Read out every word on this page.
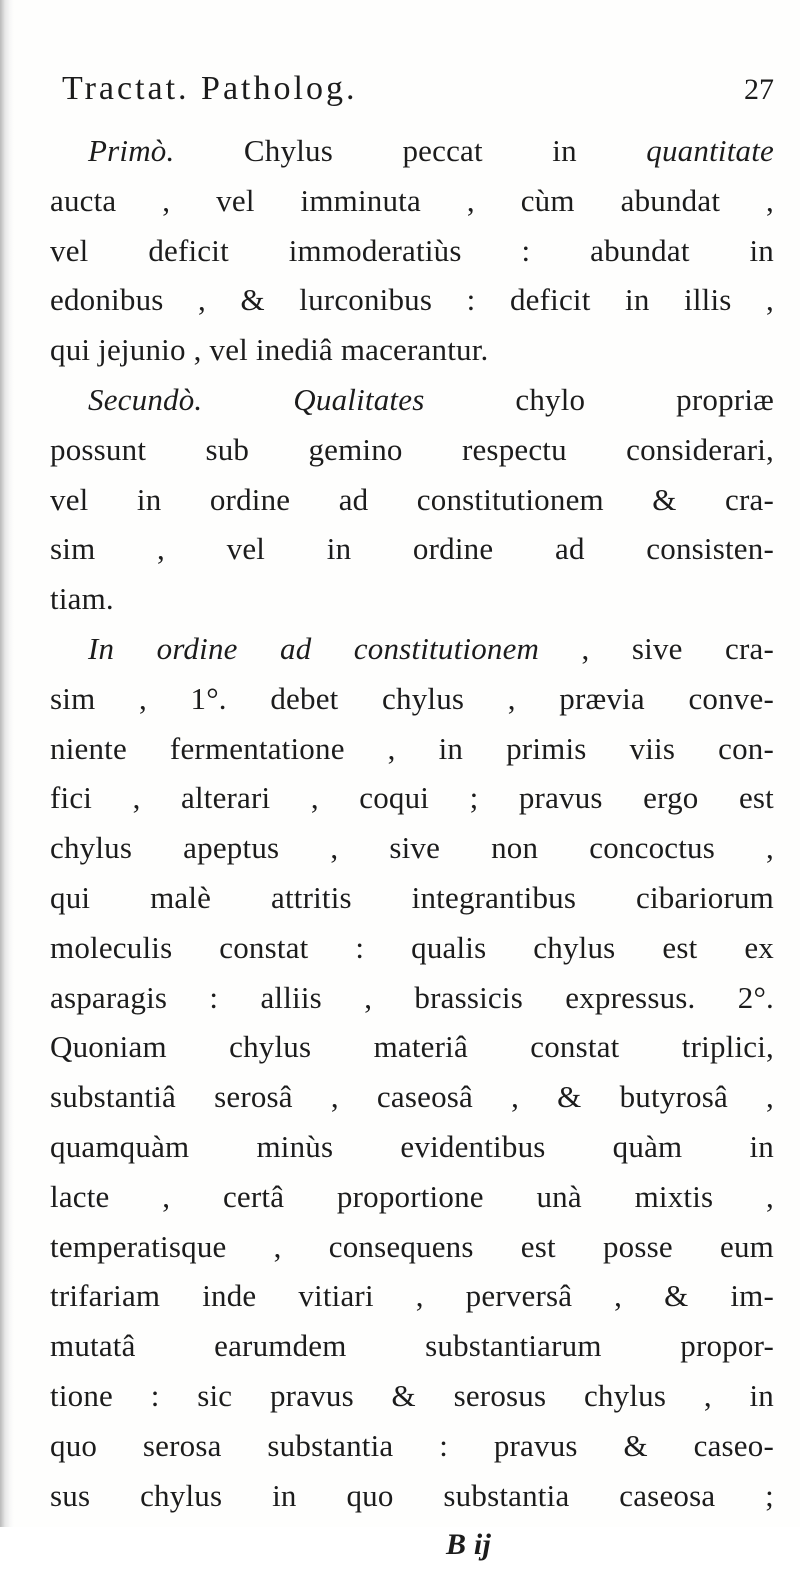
Tractat. Patholog.	27
Primò. Chylus peccat in quantitate
aucta , vel imminuta , cùm abundat ,
vel deficit immoderatiùs : abundat in
edonibus , & lurconibus : deficit in illis ,
qui jejunio , vel inediâ macerantur.
Secundò.	Qualitates chylo propriæ
possunt sub gemino respectu considerari,
vel in ordine ad constitutionem & cra-
sim , vel in ordine ad consisten-
tiam.
In ordine ad constitutionem , sive cra-
sim , 1°. debet chylus , prævia conve-
niente fermentatione , in primis viis con-
fici , alterari , coqui ; pravus ergo est
chylus apeptus , sive non concoctus ,
qui malè attritis integrantibus cibariorum
moleculis constat : qualis chylus est ex
asparagis : alliis , brassicis expressus. 2°.
Quoniam chylus materiâ constat triplici,
substantiâ serosâ , caseosâ , & butyrosâ ,
quamquàm minùs evidentibus quàm in
lacte , certâ proportione unà mixtis ,
temperatisque , consequens est posse eum
trifariam inde vitiari , perversâ , & im-
mutatâ earumdem substantiarum propor-
tione : sic pravus & serosus chylus , in
quo serosa substantia : pravus & caseo-
sus chylus in quo substantia caseosa ;
B ij
